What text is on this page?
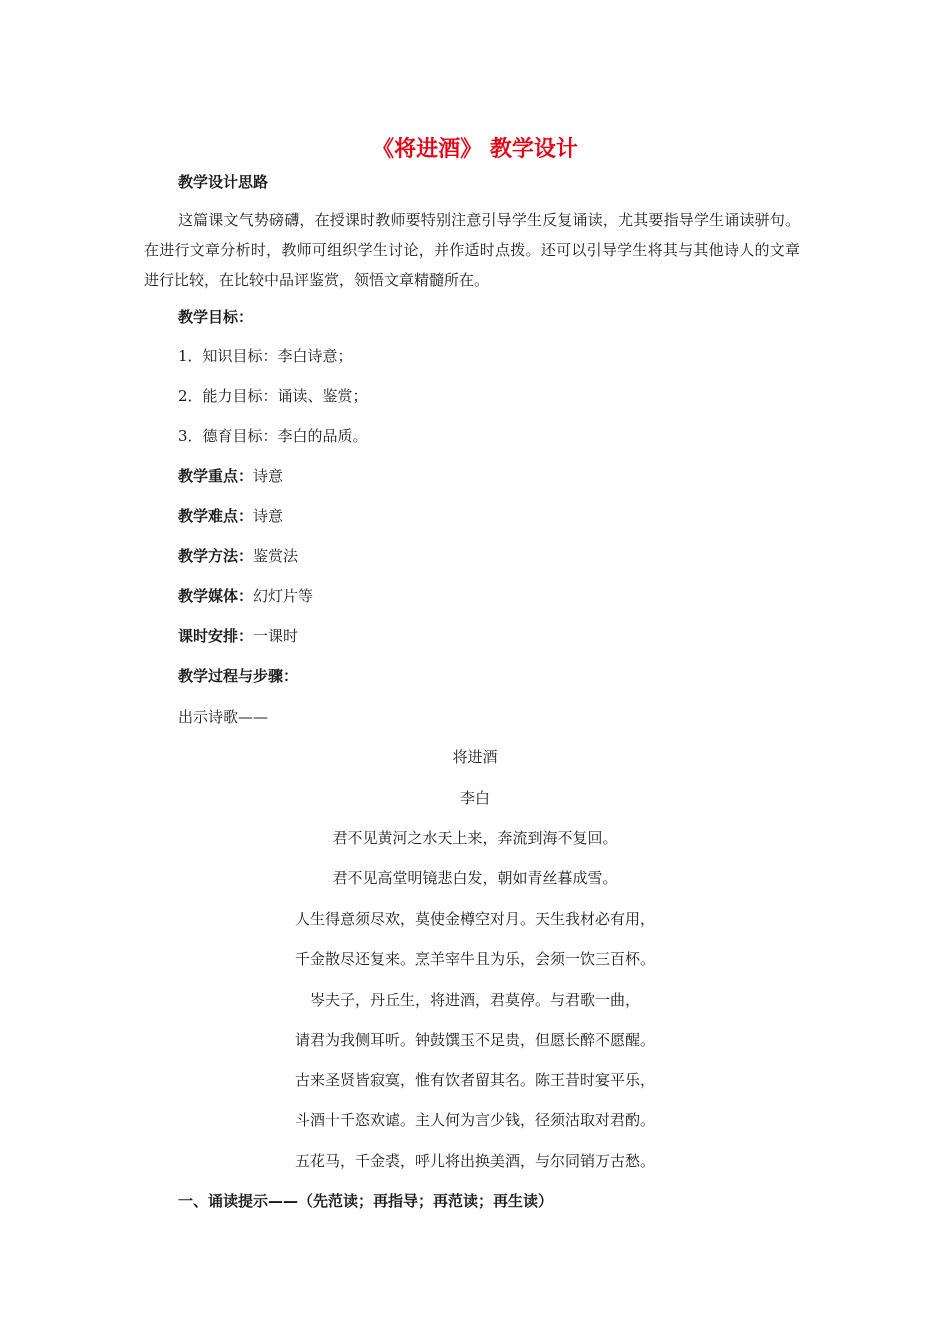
《将进酒》 教学设计
教学设计思路
这篇课文气势磅礴，在授课时教师要特别注意引导学生反复诵读，尤其要指导学生诵读骈句。在进行文章分析时，教师可组织学生讨论，并作适时点拨。还可以引导学生将其与其他诗人的文章进行比较，在比较中品评鉴赏，领悟文章精髓所在。
教学目标：
1．知识目标：李白诗意；
2．能力目标：诵读、鉴赏；
3．德育目标：李白的品质。
教学重点：诗意
教学难点：诗意
教学方法：鉴赏法
教学媒体：幻灯片等
课时安排：一课时
教学过程与步骤：
出示诗歌——
将进酒
李白
君不见黄河之水天上来，奔流到海不复回。
君不见高堂明镜悲白发，朝如青丝暮成雪。
人生得意须尽欢，莫使金樽空对月。天生我材必有用，
千金散尽还复来。烹羊宰牛且为乐，会须一饮三百杯。
岑夫子，丹丘生，将进酒，君莫停。与君歌一曲，
请君为我侧耳听。钟鼓馔玉不足贵，但愿长醉不愿醒。
古来圣贤皆寂寞，惟有饮者留其名。陈王昔时宴平乐，
斗酒十千恣欢谑。主人何为言少钱，径须沽取对君酌。
五花马，千金裘，呼儿将出换美酒，与尔同销万古愁。
一、诵读提示——（先范读；再指导；再范读；再生读）
